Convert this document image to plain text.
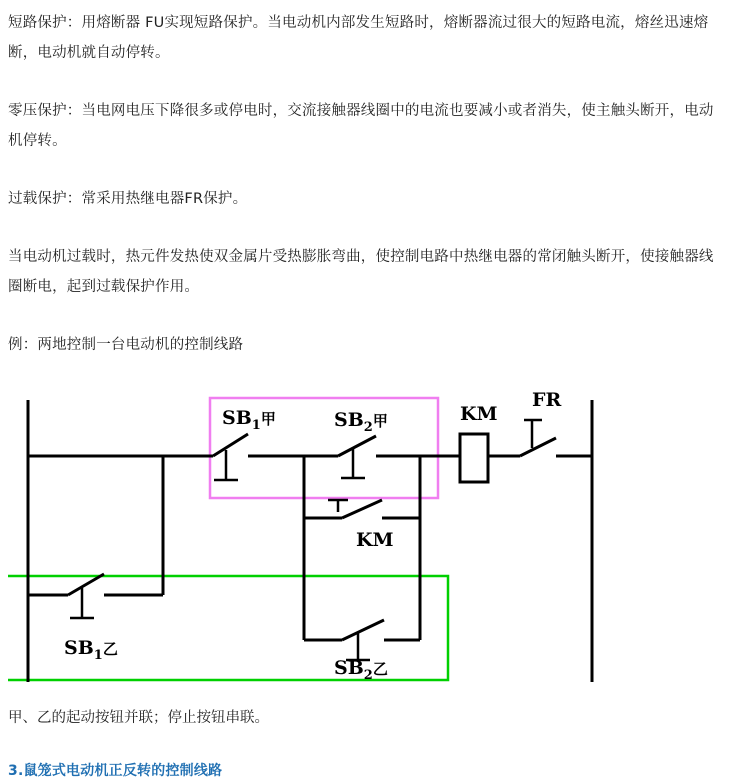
短路保护：用熔断器 FU实现短路保护。当电动机内部发生短路时，熔断器流过很大的短路电流，熔丝迅速熔断，电动机就自动停转。

零压保护：当电网电压下降很多或停电时，交流接触器线圈中的电流也要减小或者消失，使主触头断开，电动机停转。

过载保护：常采用热继电器FR保护。

当电动机过载时，热元件发热使双金属片受热膨胀弯曲，使控制电路中热继电器的常闭触头断开，使接触器线圈断电，起到过载保护作用。

例：两地控制一台电动机的控制线路

$SB_1^甲$	$SB_2^甲$	KM
FR
KM
$SB_1^乙$
$SB_2^乙$

甲、乙的起动按钮并联；停止按钮串联。

3.鼠笼式电动机正反转的控制线路
